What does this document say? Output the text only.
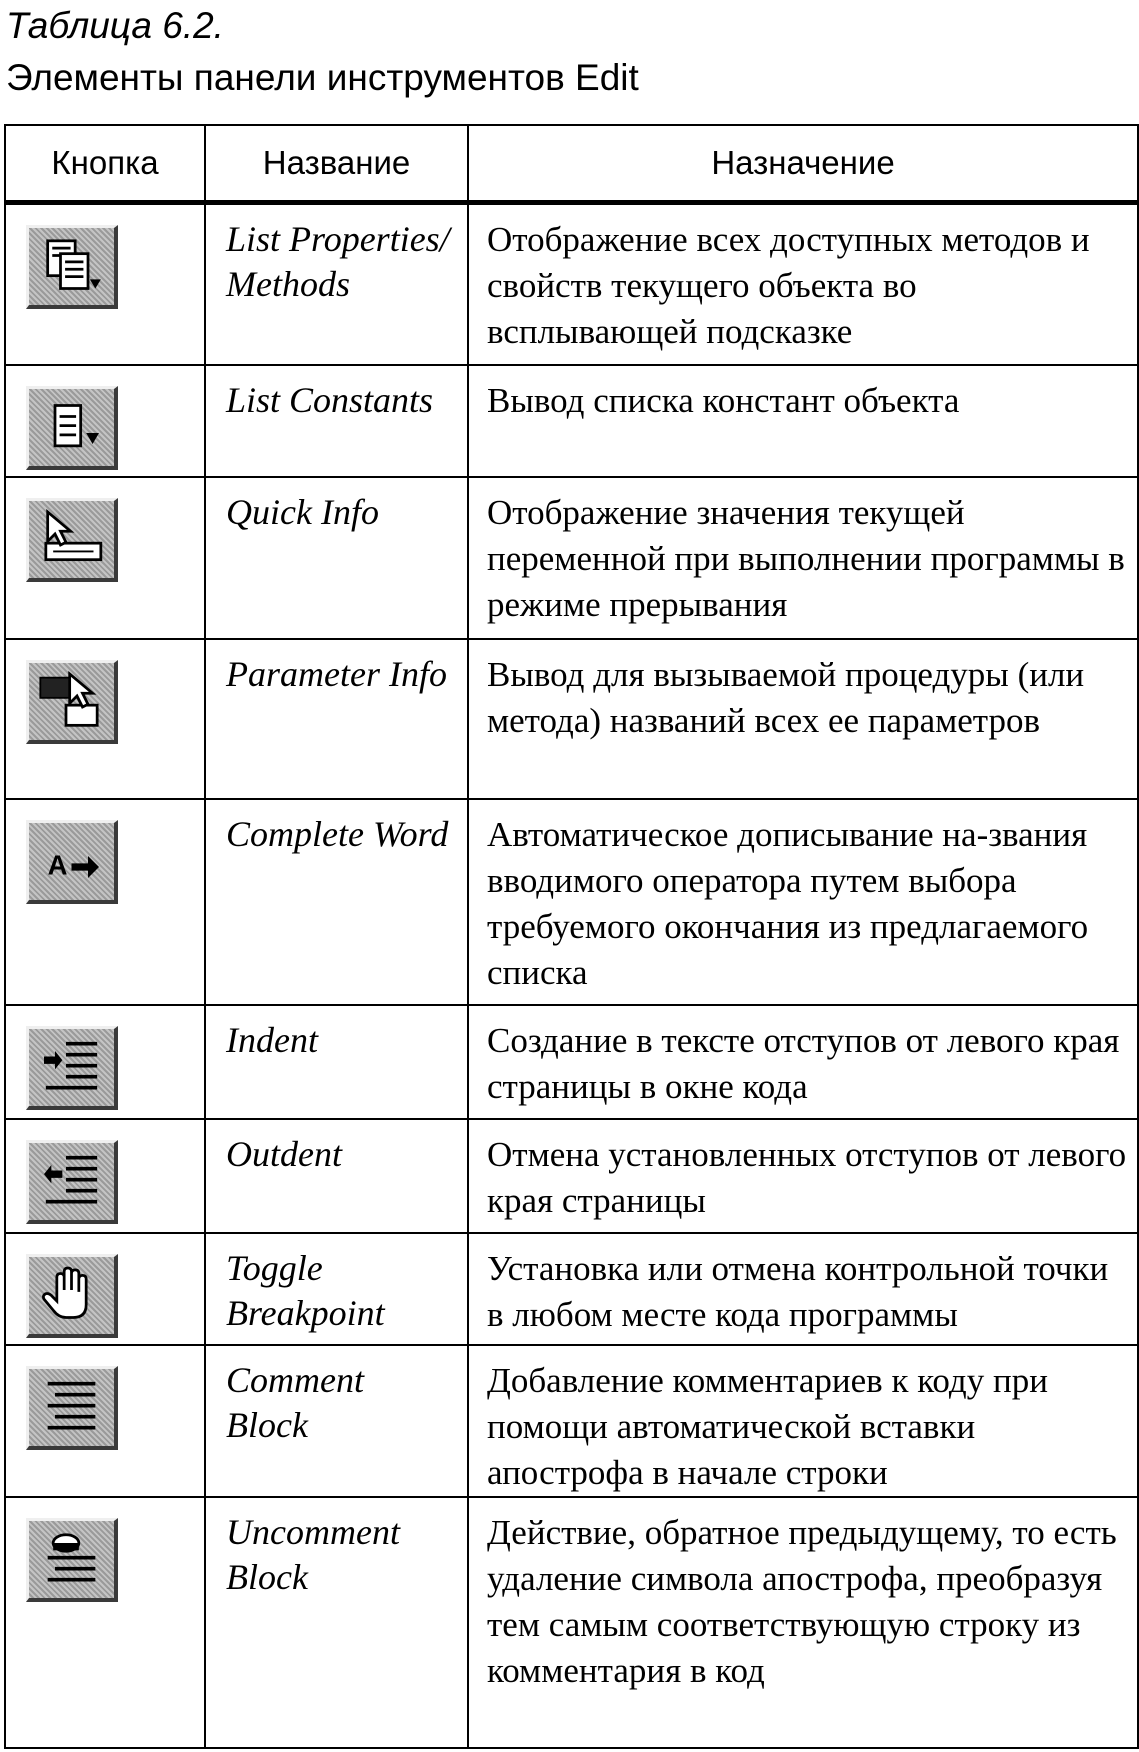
Таблица 6.2.
Элементы панели инструментов Edit
Кнопка	Название	Назначение

	List Properties/ Methods	Отображение всех доступных методов и свойств текущего объекта во всплывающей подсказке

	List Constants	Вывод списка констант объекта

	Quick Info	Отображение значения текущей переменной при выполнении программы в режиме прерывания

	Parameter Info	Вывод для вызываемой процедуры (или метода) названий всех ее параметров

A	Complete Word	Автоматическое дописывание на-звания вводимого оператора путем выбора требуемого окончания из предлагаемого списка

	Indent	Создание в тексте отступов от левого края страницы в окне кода

	Outdent	Отмена установленных отступов от левого края страницы

	Toggle Breakpoint	Установка или отмена контрольной точки в любом месте кода программы

	Comment Block	Добавление комментариев к коду при помощи автоматической вставки апострофа в начале строки

	Uncomment Block	Действие, обратное предыдущему, то есть удаление символа апострофа, преобразуя тем самым соответствующую строку из комментария в код
